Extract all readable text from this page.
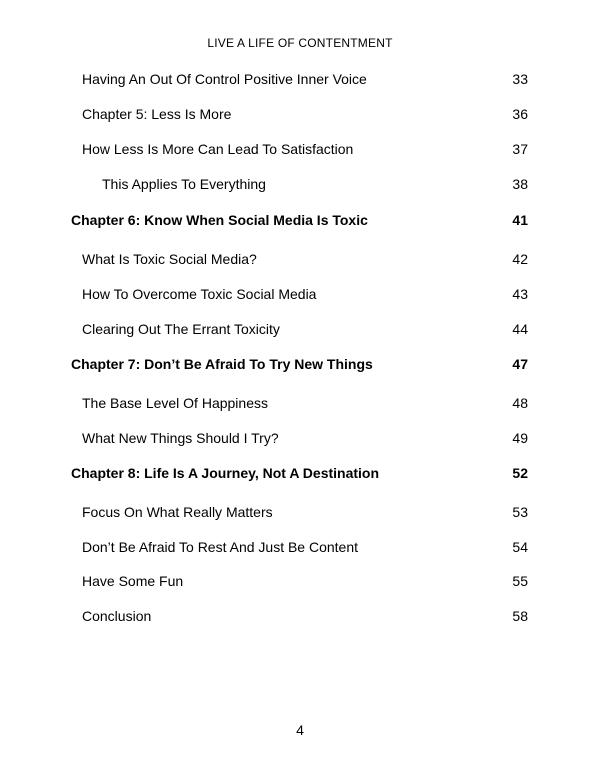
LIVE A LIFE OF CONTENTMENT
Having An Out Of Control Positive Inner Voice	33
Chapter 5: Less Is More	36
How Less Is More Can Lead To Satisfaction	37
This Applies To Everything	38
Chapter 6: Know When Social Media Is Toxic	41
What Is Toxic Social Media?	42
How To Overcome Toxic Social Media	43
Clearing Out The Errant Toxicity	44
Chapter 7: Don’t Be Afraid To Try New Things	47
The Base Level Of Happiness	48
What New Things Should I Try?	49
Chapter 8: Life Is A Journey, Not A Destination	52
Focus On What Really Matters	53
Don’t Be Afraid To Rest And Just Be Content	54
Have Some Fun	55
Conclusion	58
4
